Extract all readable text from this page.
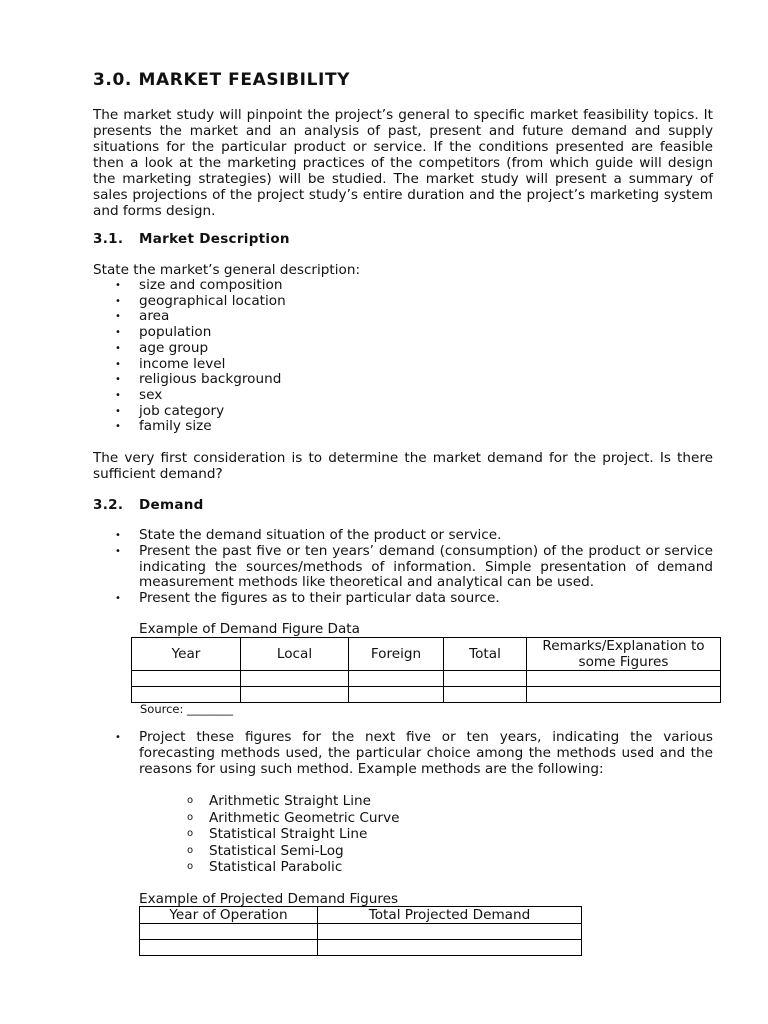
3.0. MARKET FEASIBILITY

The market study will pinpoint the project’s general to specific market feasibility topics. It presents the market and an analysis of past, present and future demand and supply situations for the particular product or service. If the conditions presented are feasible then a look at the marketing practices of the competitors (from which guide will design the marketing strategies) will be studied. The market study will present a summary of sales projections of the project study’s entire duration and the project’s marketing system and forms design.

3.1. Market Description
State the market’s general description:
• size and composition
• geographical location
• area
• population
• age group
• income level
• religious background
• sex
• job category
• family size

The very first consideration is to determine the market demand for the project. Is there sufficient demand?

3.2. Demand
• State the demand situation of the product or service.
• Present the past five or ten years’ demand (consumption) of the product or service indicating the sources/methods of information. Simple presentation of demand measurement methods like theoretical and analytical can be used.
• Present the figures as to their particular data source.
Example of Demand Figure Data
Year	Local	Foreign	Total	Remarks/Explanation to some Figures

Source: ________
• Project these figures for the next five or ten years, indicating the various forecasting methods used, the particular choice among the methods used and the reasons for using such method. Example methods are the following:
o Arithmetic Straight Line
o Arithmetic Geometric Curve
o Statistical Straight Line
o Statistical Semi-Log
o Statistical Parabolic
Example of Projected Demand Figures
Year of Operation	Total Projected Demand
